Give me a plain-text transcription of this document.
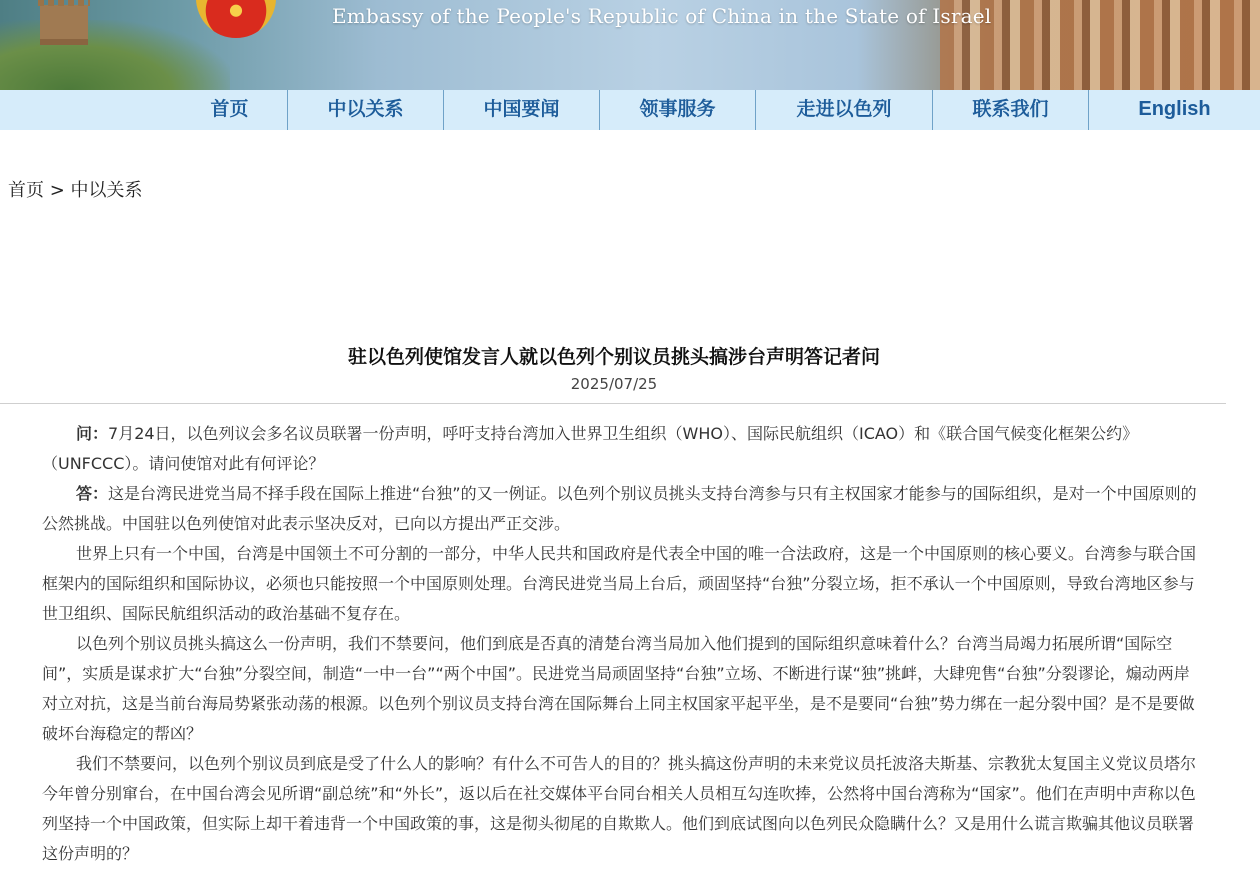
Embassy of the People's Republic of China in the State of Israel
首页	中以关系	中国要闻	领事服务	走进以色列	联系我们	English
首页 > 中以关系
驻以色列使馆发言人就以色列个别议员挑头搞涉台声明答记者问
2025/07/25

问：7月24日，以色列议会多名议员联署一份声明，呼吁支持台湾加入世界卫生组织（WHO）、国际民航组织（ICAO）和《联合国气候变化框架公约》（UNFCCC）。请问使馆对此有何评论？

答：这是台湾民进党当局不择手段在国际上推进“台独”的又一例证。以色列个别议员挑头支持台湾参与只有主权国家才能参与的国际组织，是对一个中国原则的公然挑战。中国驻以色列使馆对此表示坚决反对，已向以方提出严正交涉。

世界上只有一个中国，台湾是中国领土不可分割的一部分，中华人民共和国政府是代表全中国的唯一合法政府，这是一个中国原则的核心要义。台湾参与联合国框架内的国际组织和国际协议，必须也只能按照一个中国原则处理。台湾民进党当局上台后，顽固坚持“台独”分裂立场，拒不承认一个中国原则，导致台湾地区参与世卫组织、国际民航组织活动的政治基础不复存在。

以色列个别议员挑头搞这么一份声明，我们不禁要问，他们到底是否真的清楚台湾当局加入他们提到的国际组织意味着什么？台湾当局竭力拓展所谓“国际空间”，实质是谋求扩大“台独”分裂空间，制造“一中一台”“两个中国”。民进党当局顽固坚持“台独”立场、不断进行谋“独”挑衅，大肆兜售“台独”分裂谬论，煽动两岸对立对抗，这是当前台海局势紧张动荡的根源。以色列个别议员支持台湾在国际舞台上同主权国家平起平坐，是不是要同“台独”势力绑在一起分裂中国？是不是要做破坏台海稳定的帮凶？

我们不禁要问，以色列个别议员到底是受了什么人的影响？有什么不可告人的目的？挑头搞这份声明的未来党议员托波洛夫斯基、宗教犹太复国主义党议员塔尔今年曾分别窜台，在中国台湾会见所谓“副总统”和“外长”，返以后在社交媒体平台同台相关人员相互勾连吹捧，公然将中国台湾称为“国家”。他们在声明中声称以色列坚持一个中国政策，但实际上却干着违背一个中国政策的事，这是彻头彻尾的自欺欺人。他们到底试图向以色列民众隐瞒什么？又是用什么谎言欺骗其他议员联署这份声明的？
